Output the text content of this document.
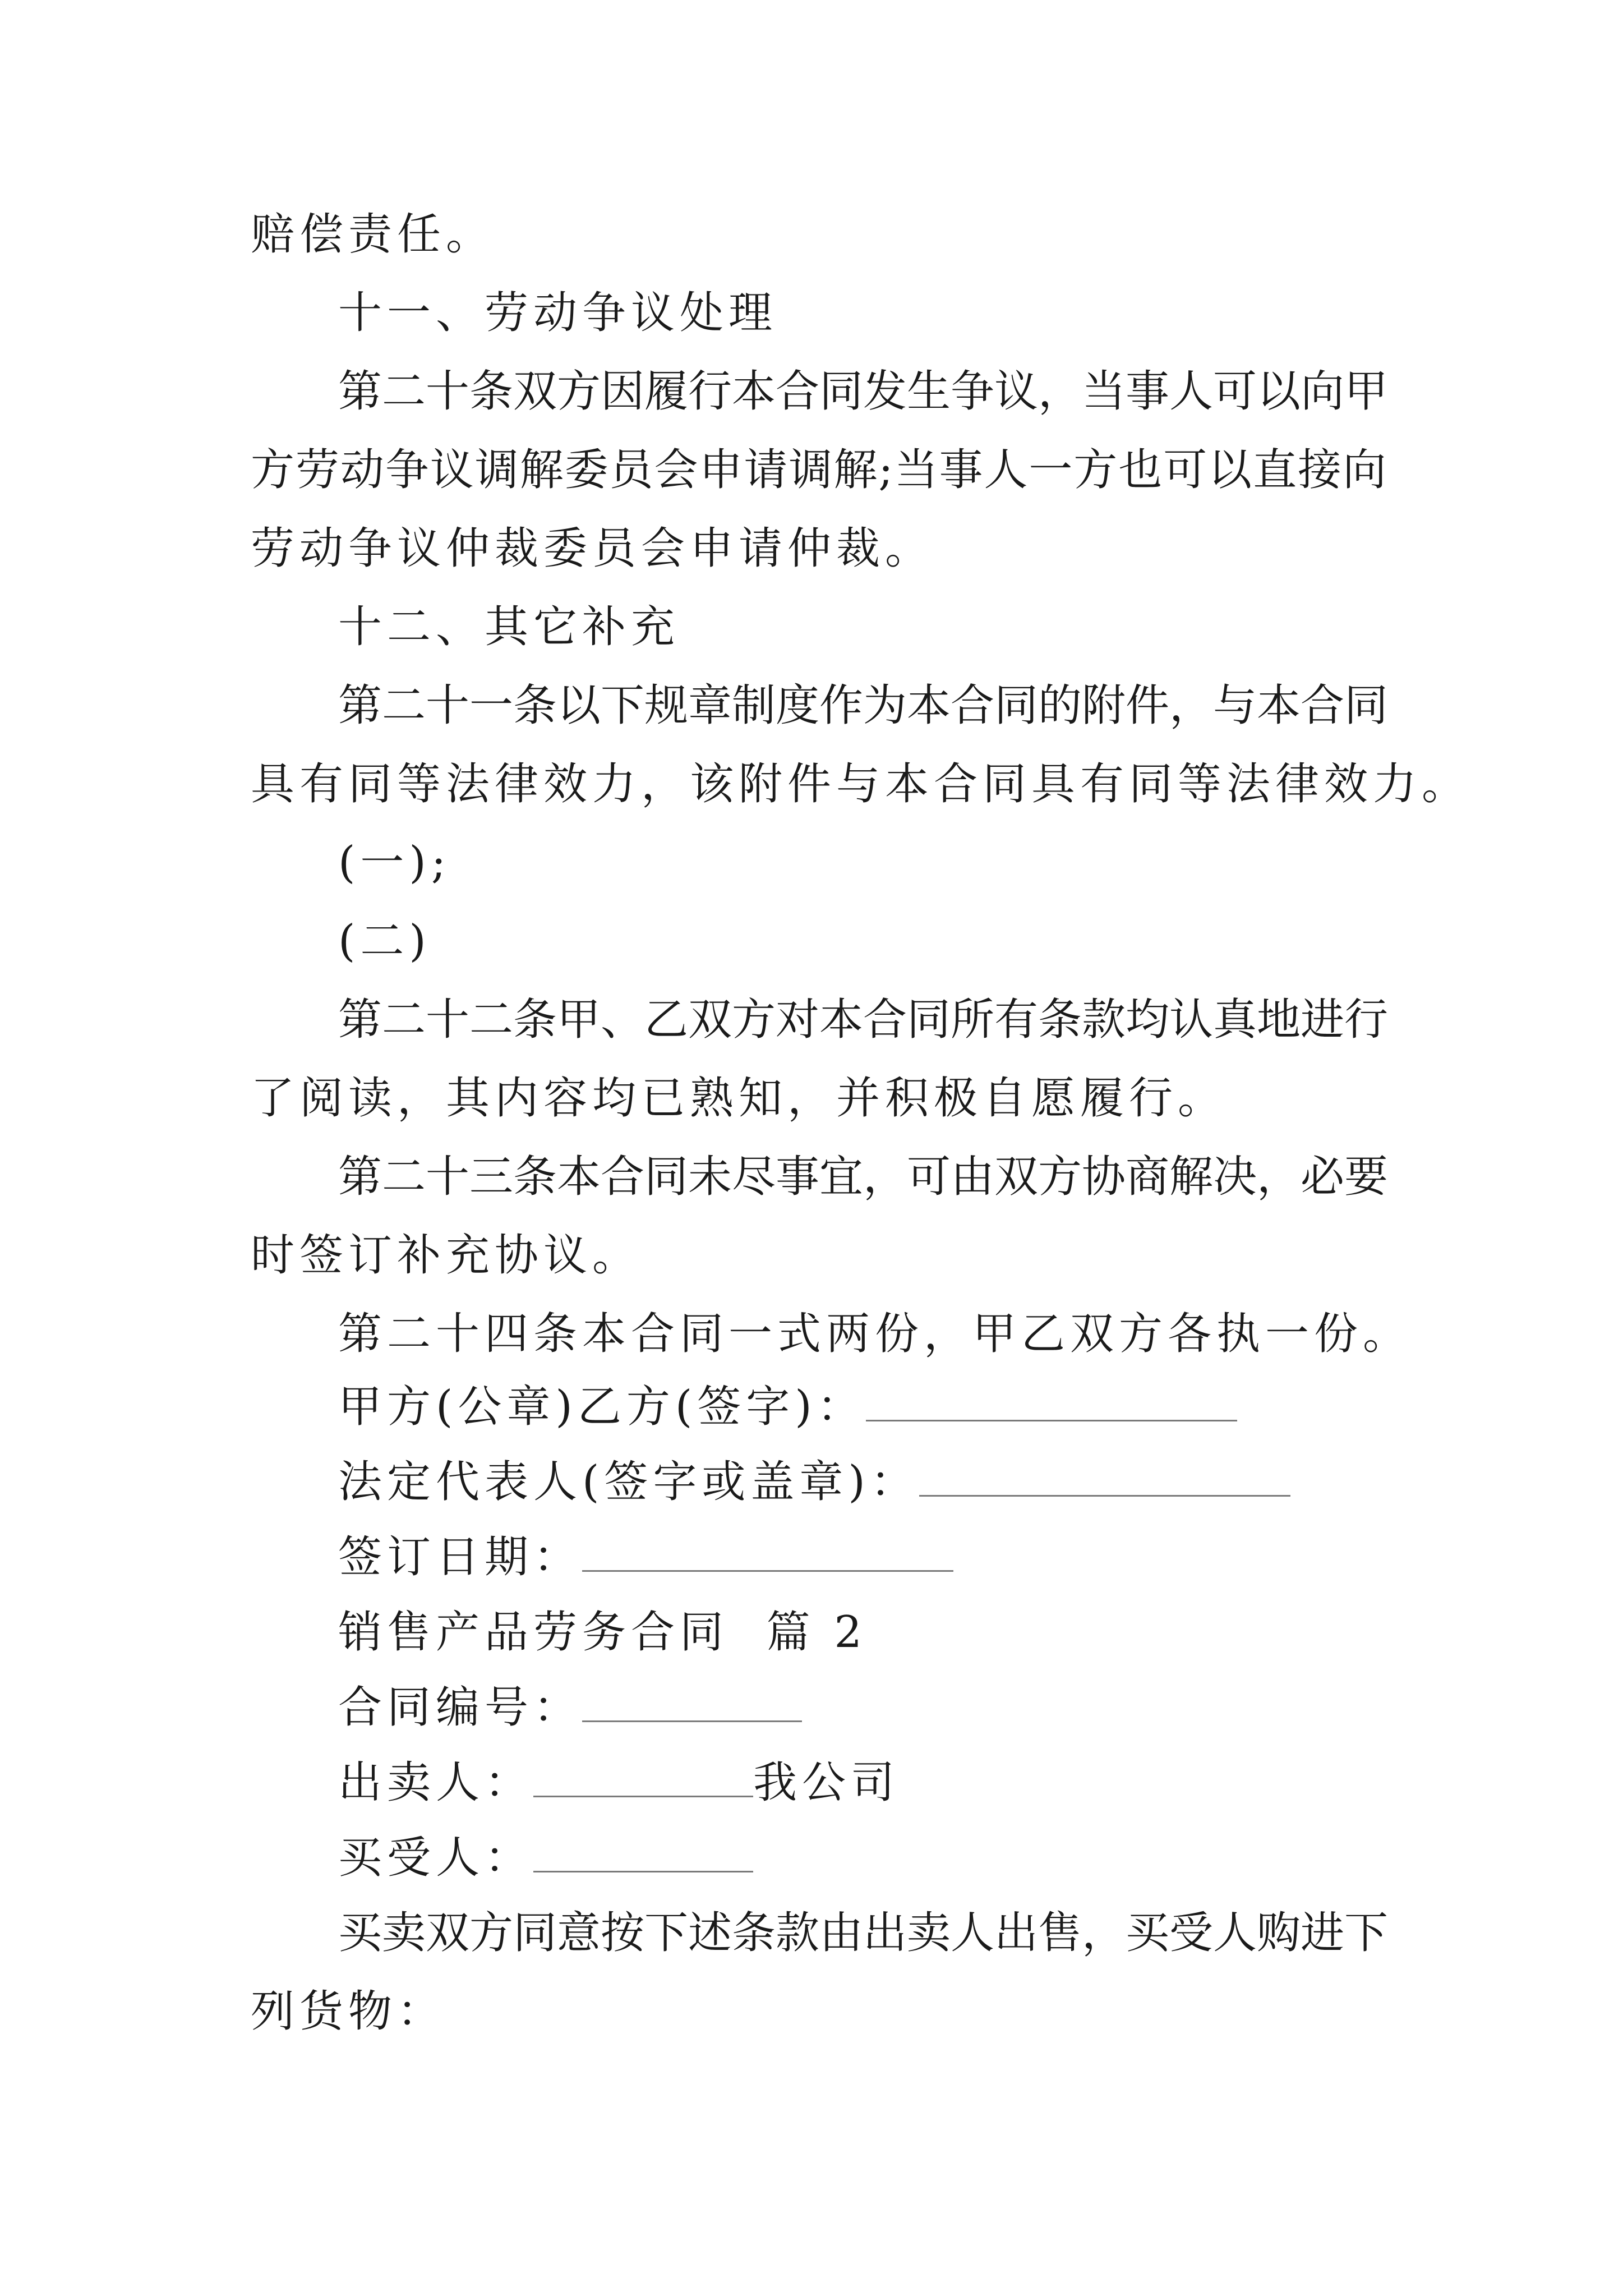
赔偿责任。
十一、劳动争议处理
第二十条双方因履行本合同发生争议，当事人可以向甲
方劳动争议调解委员会申请调解;当事人一方也可以直接向
劳动争议仲裁委员会申请仲裁。
十二、其它补充
第二十一条以下规章制度作为本合同的附件，与本合同
具有同等法律效力，该附件与本合同具有同等法律效力。
(一);
(二)
第二十二条甲、乙双方对本合同所有条款均认真地进行
了阅读，其内容均已熟知，并积极自愿履行。
第二十三条本合同未尽事宜，可由双方协商解决，必要
时签订补充协议。
第二十四条本合同一式两份，甲乙双方各执一份。
甲方(公章)乙方(签字)：
法定代表人(签字或盖章)：
签订日期：
销售产品劳务合同  篇 2
合同编号：
出卖人：	我公司
买受人：
买卖双方同意按下述条款由出卖人出售，买受人购进下
列货物：
